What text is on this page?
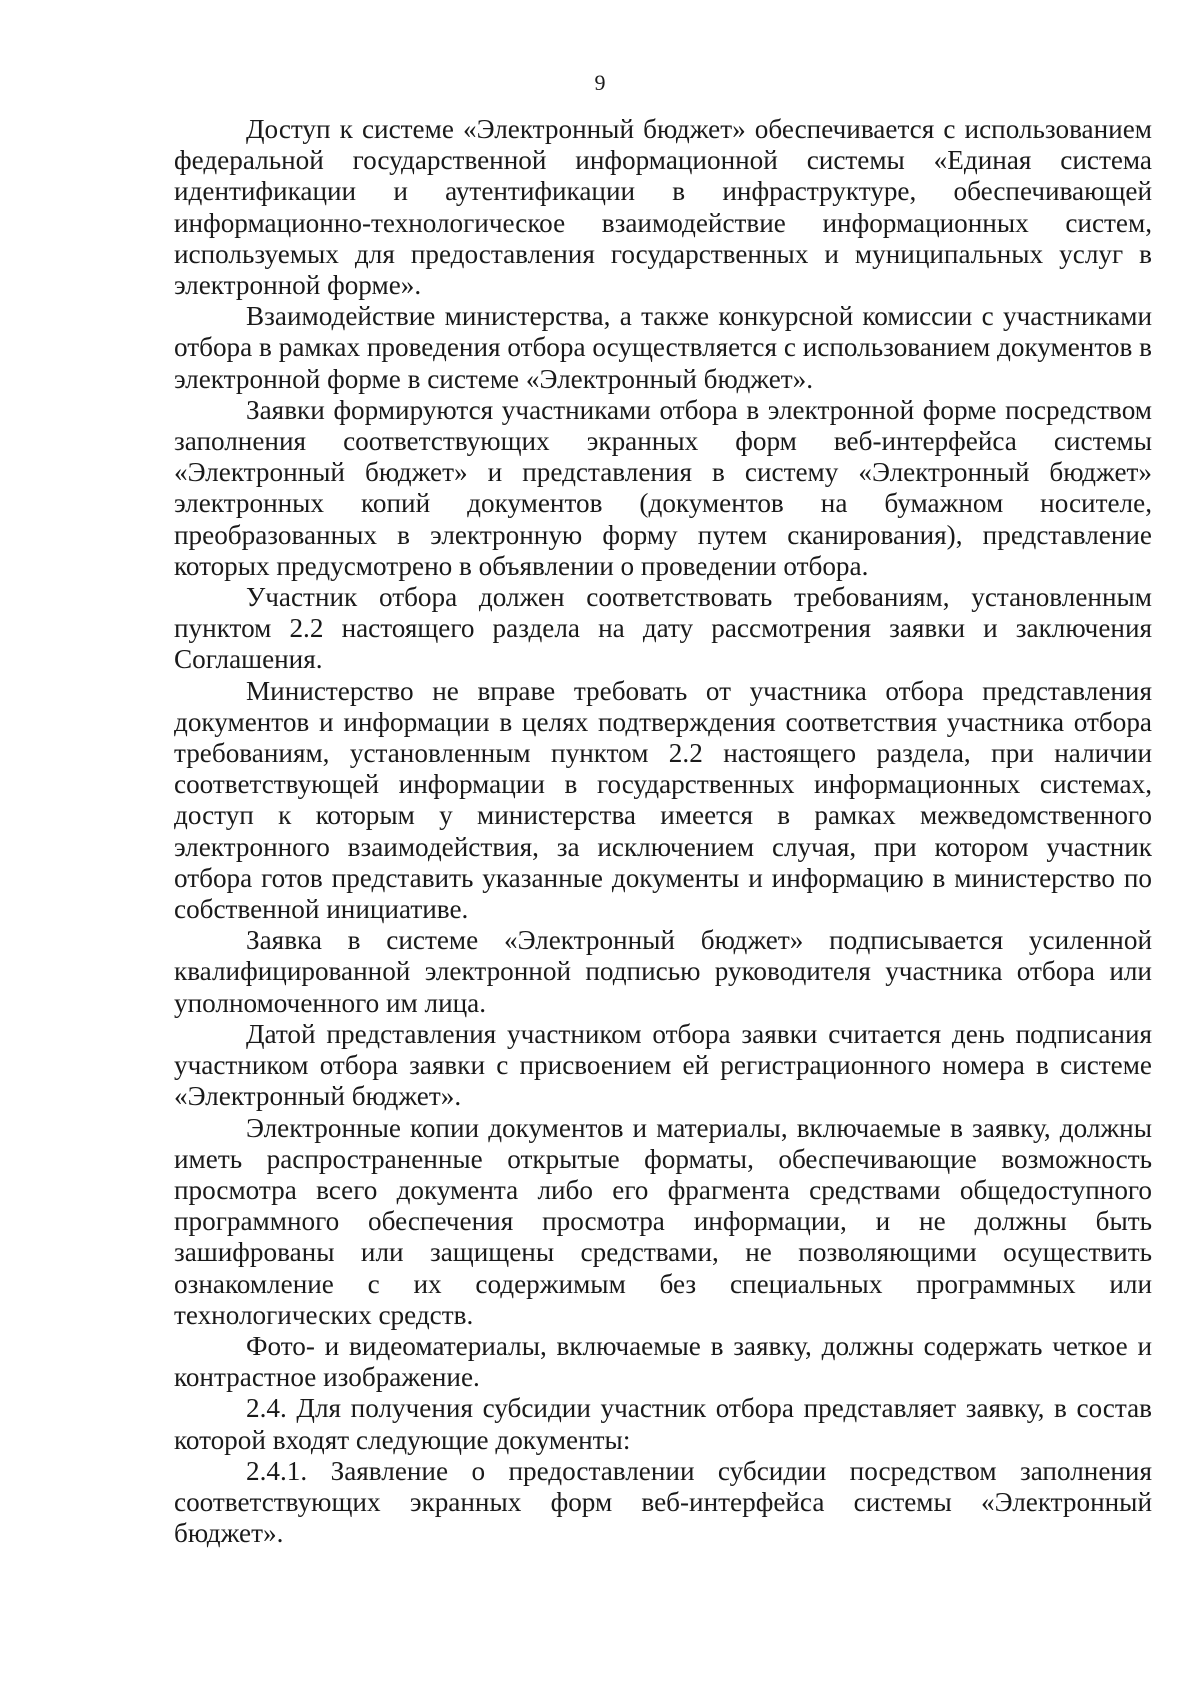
9

Доступ к системе «Электронный бюджет» обеспечивается с использованием федеральной государственной информационной системы «Единая система идентификации и аутентификации в инфраструктуре, обеспечивающей информационно-технологическое взаимодействие информационных систем, используемых для предоставления государственных и муниципальных услуг в электронной форме».

Взаимодействие министерства, а также конкурсной комиссии с участниками отбора в рамках проведения отбора осуществляется с использованием документов в электронной форме в системе «Электронный бюджет».

Заявки формируются участниками отбора в электронной форме посредством заполнения соответствующих экранных форм веб-интерфейса системы «Электронный бюджет» и представления в систему «Электронный бюджет» электронных копий документов (документов на бумажном носителе, преобразованных в электронную форму путем сканирования), представление которых предусмотрено в объявлении о проведении отбора.

Участник отбора должен соответствовать требованиям, установленным пунктом 2.2 настоящего раздела на дату рассмотрения заявки и заключения Соглашения.

Министерство не вправе требовать от участника отбора представления документов и информации в целях подтверждения соответствия участника отбора требованиям, установленным пунктом 2.2 настоящего раздела, при наличии соответствующей информации в государственных информационных системах, доступ к которым у министерства имеется в рамках межведомственного электронного взаимодействия, за исключением случая, при котором участник отбора готов представить указанные документы и информацию в министерство по собственной инициативе.

Заявка в системе «Электронный бюджет» подписывается усиленной квалифицированной электронной подписью руководителя участника отбора или уполномоченного им лица.

Датой представления участником отбора заявки считается день подписания участником отбора заявки с присвоением ей регистрационного номера в системе «Электронный бюджет».

Электронные копии документов и материалы, включаемые в заявку, должны иметь распространенные открытые форматы, обеспечивающие возможность просмотра всего документа либо его фрагмента средствами общедоступного программного обеспечения просмотра информации, и не должны быть зашифрованы или защищены средствами, не позволяющими осуществить ознакомление с их содержимым без специальных программных или технологических средств.

Фото- и видеоматериалы, включаемые в заявку, должны содержать четкое и контрастное изображение.

2.4. Для получения субсидии участник отбора представляет заявку, в состав которой входят следующие документы:

2.4.1. Заявление о предоставлении субсидии посредством заполнения соответствующих экранных форм веб-интерфейса системы «Электронный бюджет».
